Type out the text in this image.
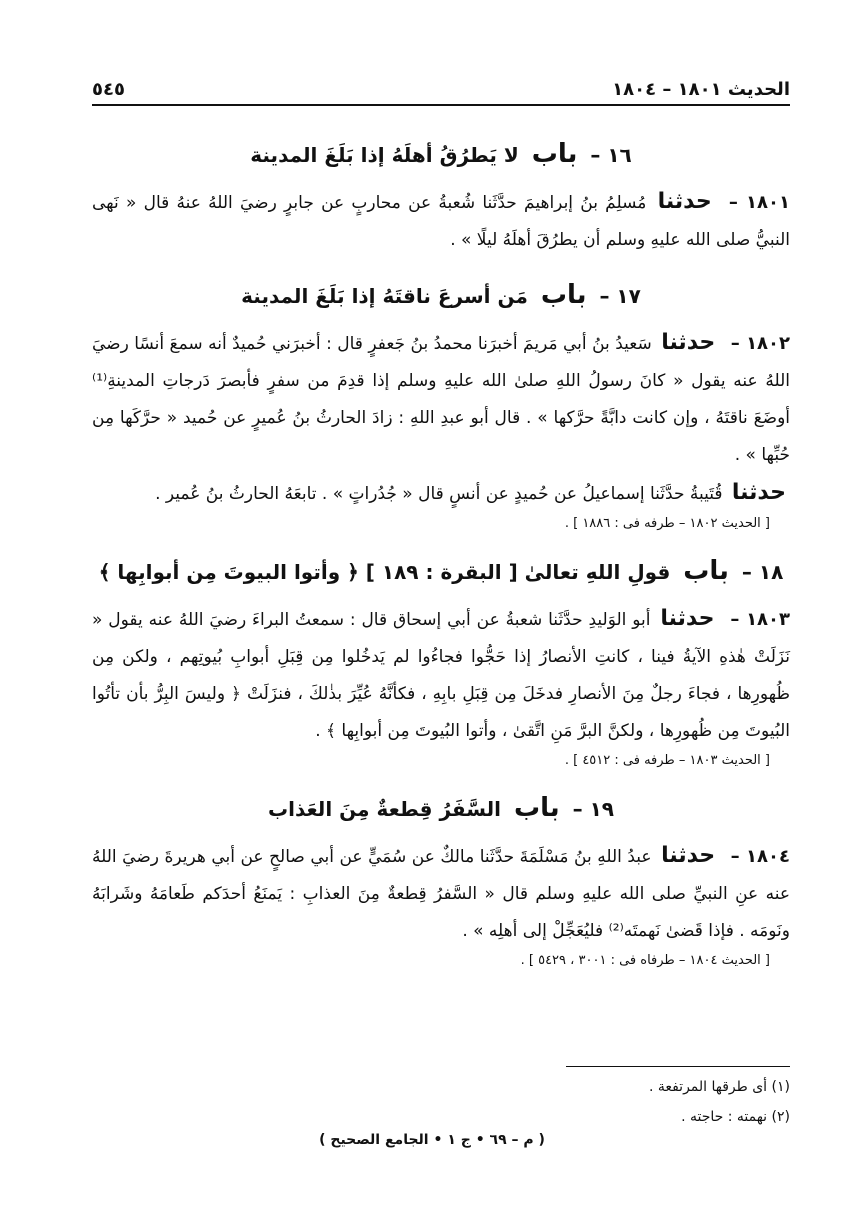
الحديث ١٨٠١ – ١٨٠٤
٥٤٥
١٦ – باب لا يَطرُقُ أهلَهُ إذا بَلَغَ المدينة

١٨٠١ – حدثنا مُسلِمُ بنُ إبراهيمَ حدَّثَنا شُعبةُ عن محاربٍ عن جابرٍ رضيَ اللهُ عنهُ قال « نَهى النبيُّ صلى الله عليهِ وسلم أن يطرُقَ أهلَهُ ليلًا » .

١٧ – باب مَن أسرعَ ناقتَهُ إذا بَلَغَ المدينة

١٨٠٢ – حدثنا سَعيدُ بنُ أبي مَريمَ أخبرَنا محمدُ بنُ جَعفرٍ قال : أخبرَني حُميدٌ أنه سمعَ أنسًا رضيَ اللهُ عنه يقول « كانَ رسولُ اللهِ صلىٰ الله عليهِ وسلم إذا قدِمَ من سفرٍ فأبصرَ دَرجاتِ المدينةِ⁽¹⁾ أوضَعَ ناقتَهُ ، وإن كانت دابَّةً حرَّكها » . قال أبو عبدِ اللهِ : زادَ الحارثُ بنُ عُميرٍ عن حُميد « حرَّكَها مِن حُبِّها » .

حدثنا قُتَيبةُ حدَّثَنا إسماعيلُ عن حُميدٍ عن أنسٍ قال « جُدُراتٍ » . تابعَهُ الحارثُ بنُ عُمير .

[ الحديث ١٨٠٢ – طرفه فى : ١٨٨٦ ] .
١٨ – باب قولِ اللهِ تعالىٰ [ البقرة : ١٨٩ ] ﴿ وأتوا البيوتَ مِن أبوابِها ﴾

١٨٠٣ – حدثنا أبو الوَليدِ حدَّثَنا شعبةُ عن أبي إسحاق قال : سمعتُ البراءَ رضيَ اللهُ عنه يقول « نَزَلَتْ هٰذهِ الآيةُ فينا ، كانتِ الأنصارُ إذا حَجُّوا فجاءُوا لم يَدخُلوا مِن قِبَلِ أبوابِ بُيوتِهم ، ولكن مِن ظُهورِها ، فجاءَ رجلٌ مِنَ الأنصارِ فدخَلَ مِن قِبَلِ بابِهِ ، فكأنَّهُ عُيِّرَ بذٰلكَ ، فنزَلَتْ ﴿ وليسَ البِرُّ بأن تأتُوا البُيوتَ مِن ظُهورِها ، ولكنَّ البرَّ مَنِ اتَّقىٰ ، وأتوا البُيوتَ مِن أبوابِها ﴾ .

[ الحديث ١٨٠٣ – طرفه فى : ٤٥١٢ ] .
١٩ – باب السَّفَرُ قِطعةٌ مِنَ العَذاب

١٨٠٤ – حدثنا عبدُ اللهِ بنُ مَسْلَمَةَ حدَّثَنا مالكٌ عن سُمَيٍّ عن أبي صالحٍ عن أبي هريرةَ رضيَ اللهُ عنه عنِ النبيِّ صلى الله عليهِ وسلم قال « السَّفرُ قِطعةٌ مِنَ العذابِ : يَمنَعُ أحدَكم طَعامَهُ وشَرابَهُ ونَومَه . فإذا قَضىٰ نَهمتَه⁽²⁾ فليُعَجِّلْ إلى أهلِه » .

[ الحديث ١٨٠٤ – طرفاه فى : ٣٠٠١ ، ٥٤٢٩ ] .
(١) أى طرقها المرتفعة .
(٢) نهمته : حاجته .
( م – ٦٩ • ج ١ • الجامع الصحيح )
